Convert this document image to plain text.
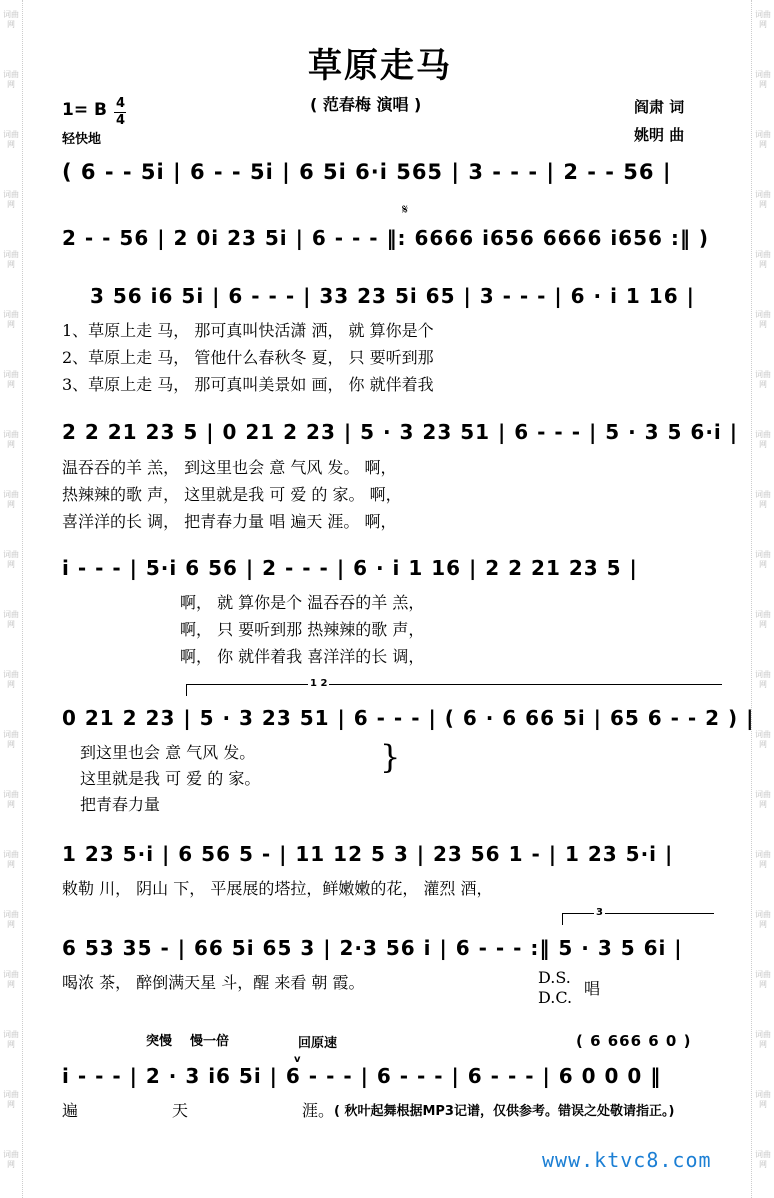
词曲网
词曲网
词曲网
词曲网
词曲网
词曲网
词曲网
词曲网
词曲网
词曲网
词曲网
词曲网
词曲网
词曲网
词曲网
词曲网
词曲网
词曲网
词曲网
词曲网
词曲网
词曲网
词曲网
词曲网
词曲网
词曲网
词曲网
词曲网
词曲网
词曲网
词曲网
词曲网
词曲网
词曲网
词曲网
词曲网
词曲网
词曲网
词曲网
词曲网
草原走马
( 范春梅 演唱 )
1= B 4
4
轻快地
阎肃 词
姚明 曲
( 6 - - 5i | 6 - - 5i | 6 5i 6·i 565 | 3 - - - | 2 - - 56 |
𝄋
2 - - 56 | 2 0i 23 5i | 6 - - - ‖: 6666 i656 6666 i656 :‖ )
3 56 i6 5i | 6 - - - | 33 23 5i 65 | 3 - - - | 6 · i 1 16 |
1、草原上走 马， 那可真叫快活潇 洒， 就 算你是个
2、草原上走 马， 管他什么春秋冬 夏， 只 要听到那
3、草原上走 马， 那可真叫美景如 画， 你 就伴着我
2 2 21 23 5 | 0 21 2 23 | 5 · 3 23 51 | 6 - - - | 5 · 3 5 6·i |
温吞吞的羊 羔， 到这里也会 意 气风 发。 啊，
热辣辣的歌 声， 这里就是我 可 爱 的 家。 啊，
喜洋洋的长 调， 把青春力量 唱 遍天 涯。 啊，
i - - - | 5·i 6 56 | 2 - - - | 6 · i 1 16 | 2 2 21 23 5 |
啊， 就 算你是个 温吞吞的羊 羔，
啊， 只 要听到那 热辣辣的歌 声，
啊， 你 就伴着我 喜洋洋的长 调，
1 2
0 21 2 23 | 5 · 3 23 51 | 6 - - - | ( 6 · 6 66 5i | 65 6 - - 2 ) |
到这里也会 意 气风 发。
这里就是我 可 爱 的 家。
把青春力量
}
1 23 5·i | 6 56 5 - | 11 12 5 3 | 23 56 1 - | 1 23 5·i |
敕勒 川， 阴山 下， 平展展的塔拉，鲜嫩嫩的花， 灌烈 酒，
3
6 53 35 - | 66 5i 65 3 | 2·3 56 i | 6 - - - :‖ 5 · 3 5 6i |
喝浓 茶， 醉倒满天星 斗，醒 来看 朝 霞。	D.S.
D.C. 唱
突慢 慢一倍	回原速	( 6 666 6 0 )
v
i - - - | 2 · 3 i6 5i | 6 - - - | 6 - - - | 6 - - - | 6 0 0 0 ‖
遍	天	涯。 ( 秋叶起舞根据MP3记谱，仅供参考。错误之处敬请指正。)
www.ktvc8.com
